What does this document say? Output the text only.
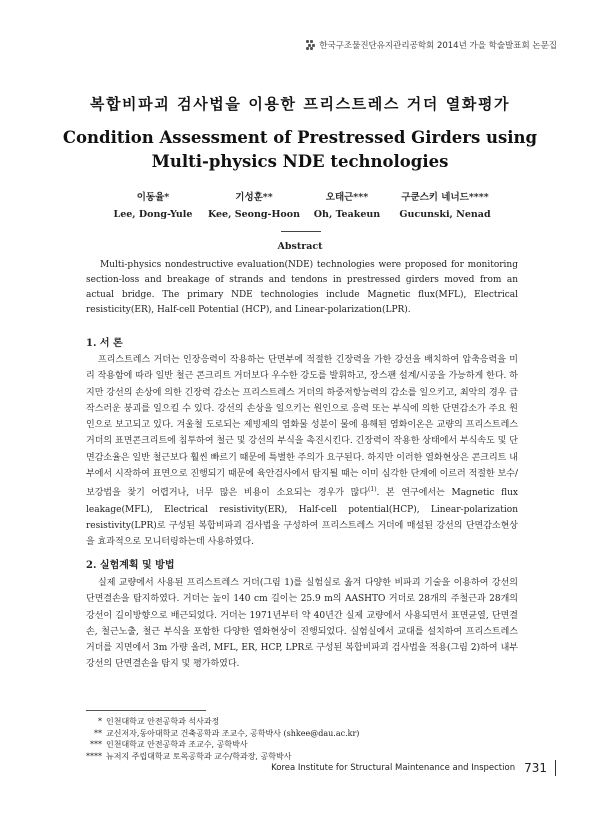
한국구조물진단유지관리공학회 2014년 가을 학술발표회 논문집
복합비파괴 검사법을 이용한 프리스트레스 거더 열화평가
Condition Assessment of Prestressed Girders using
Multi-physics NDE technologies
이동율*
Lee, Dong-Yule
기성훈**
Kee, Seong-Hoon
오태근***
Oh, Teakeun
구쿤스키 네너드****
Gucunski, Nenad
Abstract
Multi-physics nondestructive evaluation(NDE) technologies were proposed for monitoring section-loss and breakage of strands and tendons in prestressed girders moved from an actual bridge. The primary NDE technologies include Magnetic flux(MFL), Electrical resisticity(ER), Half-cell Potential (HCP), and Linear-polarization(LPR).
1. 서 론
프리스트레스 거더는 인장응력이 작용하는 단면부에 적절한 긴장력을 가한 강선을 배치하여 압축응력을 미리 작용함에 따라 일반 철근 콘크리트 거더보다 우수한 강도를 발휘하고, 장스팬 설계/시공을 가능하게 한다. 하지만 강선의 손상에 의한 긴장력 감소는 프리스트레스 거더의 하중저항능력의 감소를 일으키고, 최악의 경우 급작스러운 붕괴를 일으킬 수 있다. 강선의 손상을 일으키는 원인으로 응력 또는 부식에 의한 단면감소가 주요 원인으로 보고되고 있다. 겨울철 도로되는 제빙제의 염화물 성분이 물에 용해된 염화이온은 교량의 프리스트레스 거더의 표면콘크리트에 침투하여 철근 및 강선의 부식을 촉진시킨다. 긴장력이 작용한 상태에서 부식속도 및 단면감소율은 일반 철근보다 훨씬 빠르기 때문에 특별한 주의가 요구된다. 하지만 이러한 열화현상은 콘크리트 내부에서 시작하여 표면으로 진행되기 때문에 육안검사에서 탐지될 때는 이미 심각한 단계에 이르러 적절한 보수/보강법을 찾기 어렵거나, 너무 많은 비용이 소요되는 경우가 많다$^{(1)}$. 본 연구에서는 Magnetic flux leakage(MFL), Electrical resistivity(ER), Half-cell potential(HCP), Linear-polarization resistivity(LPR)로 구성된 복합비파괴 검사법을 구성하여 프리스트레스 거더에 매설된 강선의 단면감소현상을 효과적으로 모니터링하는데 사용하였다.
2. 실험계획 및 방법
실제 교량에서 사용된 프리스트레스 거더(그림 1)를 실험실로 옮겨 다양한 비파괴 기술을 이용하여 강선의 단면결손을 탐지하였다. 거더는 높이 140 cm 길이는 25.9 m의 AASHTO 거더로 28개의 주철근과 28개의 강선이 길이방향으로 배근되었다. 거더는 1971년부터 약 40년간 실제 교량에서 사용되면서 표면균열, 단면결손, 철근노출, 철근 부식을 포함한 다양한 열화현상이 진행되었다. 실험실에서 교대를 설치하여 프리스트레스 거더를 지면에서 3m 가량 올려, MFL, ER, HCP, LPR로 구성된 복합비파괴 검사법을 적용(그림 2)하여 내부 강선의 단면결손을 탐지 및 평가하였다.
* 인천대학교 안전공학과 석사과정
** 교신저자,동아대학교 건축공학과 조교수, 공학박사 (shkee@dau.ac.kr)
*** 인천대학교 안전공학과 조교수, 공학박사
**** 뉴저지 주립대학교 토목공학과 교수/학과장, 공학박사
Korea Institute for Structural Maintenance and Inspection 731
